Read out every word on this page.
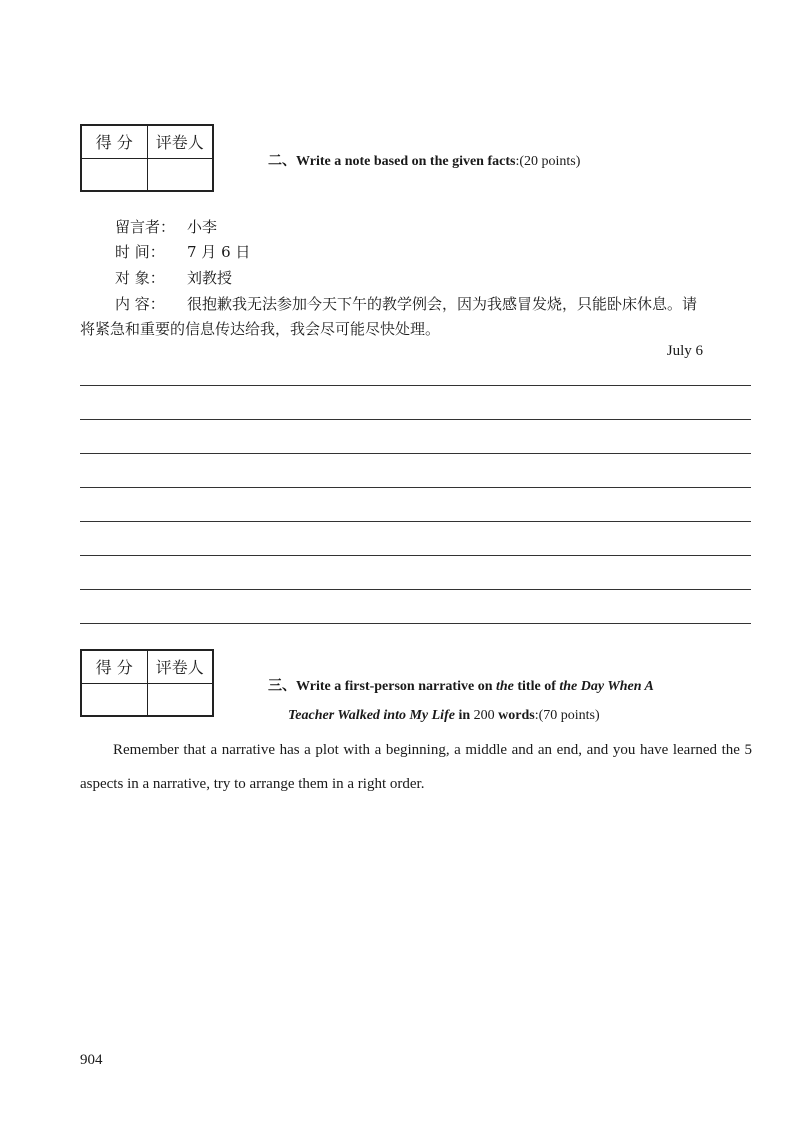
得 分	评卷人

二、Write a note based on the given facts:(20 points)
留言者： 小李
时 间： 7 月 6 日
对 象： 刘教授
内 容： 很抱歉我无法参加今天下午的教学例会，因为我感冒发烧，只能卧床休息。请
将紧急和重要的信息传达给我，我会尽可能尽快处理。
July 6
得 分	评卷人

三、Write a first-person narrative on the title of the Day When A
Teacher Walked into My Life in 200 words:(70 points)

Remember that a narrative has a plot with a beginning, a middle and an end, and you have learned the 5 aspects in a narrative, try to arrange them in a right order.

904
